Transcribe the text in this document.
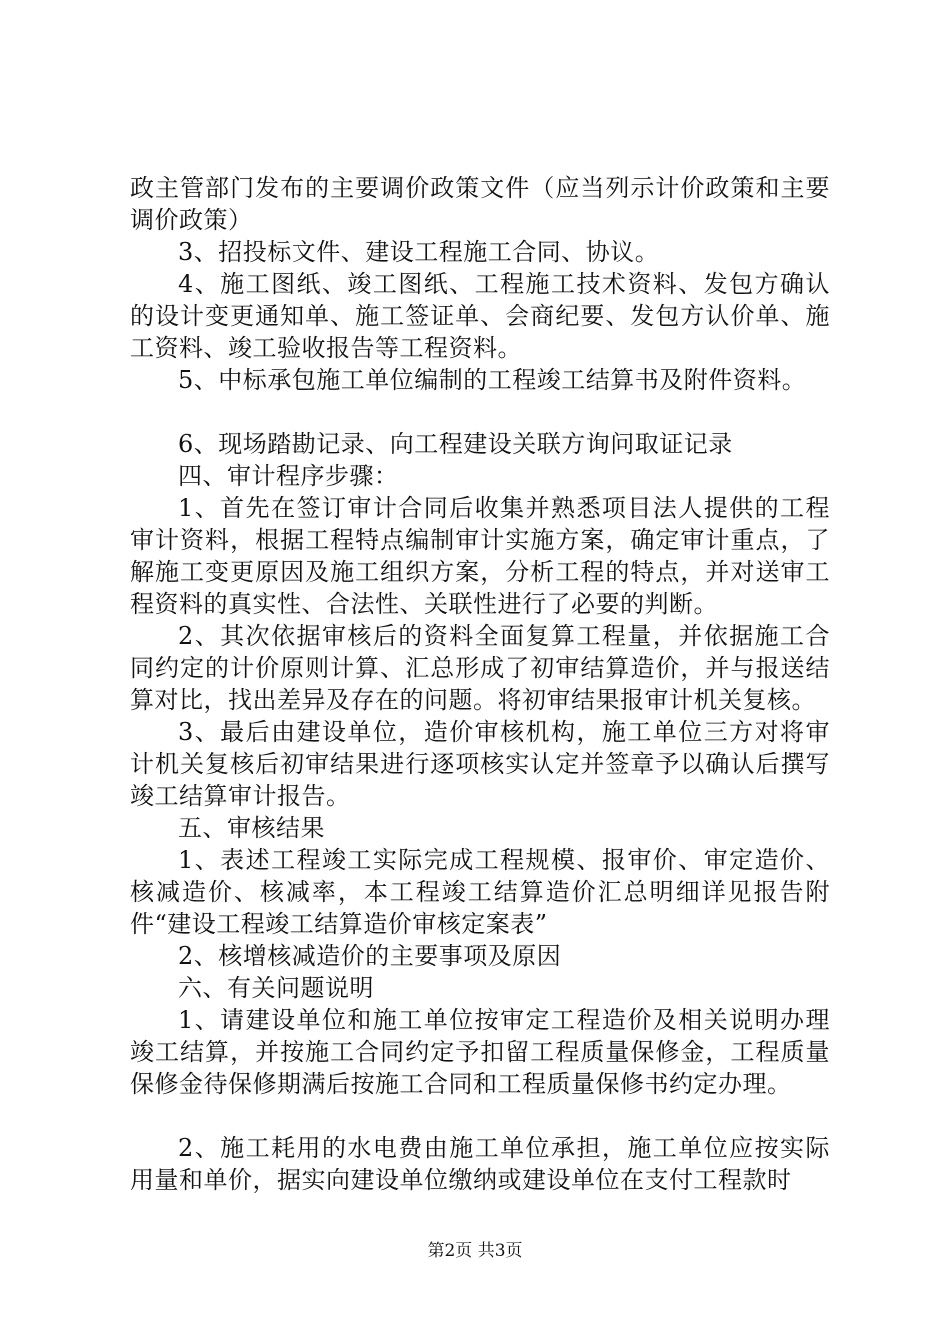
政主管部门发布的主要调价政策文件（应当列示计价政策和主要调价政策）

3、招投标文件、建设工程施工合同、协议。

4、施工图纸、竣工图纸、工程施工技术资料、发包方确认的设计变更通知单、施工签证单、会商纪要、发包方认价单、施工资料、竣工验收报告等工程资料。

5、中标承包施工单位编制的工程竣工结算书及附件资料。

6、现场踏勘记录、向工程建设关联方询问取证记录

四、审计程序步骤：

1、首先在签订审计合同后收集并熟悉项目法人提供的工程审计资料，根据工程特点编制审计实施方案，确定审计重点，了解施工变更原因及施工组织方案，分析工程的特点，并对送审工程资料的真实性、合法性、关联性进行了必要的判断。

2、其次依据审核后的资料全面复算工程量，并依据施工合同约定的计价原则计算、汇总形成了初审结算造价，并与报送结算对比，找出差异及存在的问题。将初审结果报审计机关复核。

3、最后由建设单位，造价审核机构，施工单位三方对将审计机关复核后初审结果进行逐项核实认定并签章予以确认后撰写竣工结算审计报告。

五、审核结果

1、表述工程竣工实际完成工程规模、报审价、审定造价、核减造价、核减率，本工程竣工结算造价汇总明细详见报告附件“建设工程竣工结算造价审核定案表”

2、核增核减造价的主要事项及原因

六、有关问题说明

1、请建设单位和施工单位按审定工程造价及相关说明办理竣工结算，并按施工合同约定予扣留工程质量保修金，工程质量保修金待保修期满后按施工合同和工程质量保修书约定办理。

2、施工耗用的水电费由施工单位承担，施工单位应按实际用量和单价，据实向建设单位缴纳或建设单位在支付工程款时

第2页 共3页
